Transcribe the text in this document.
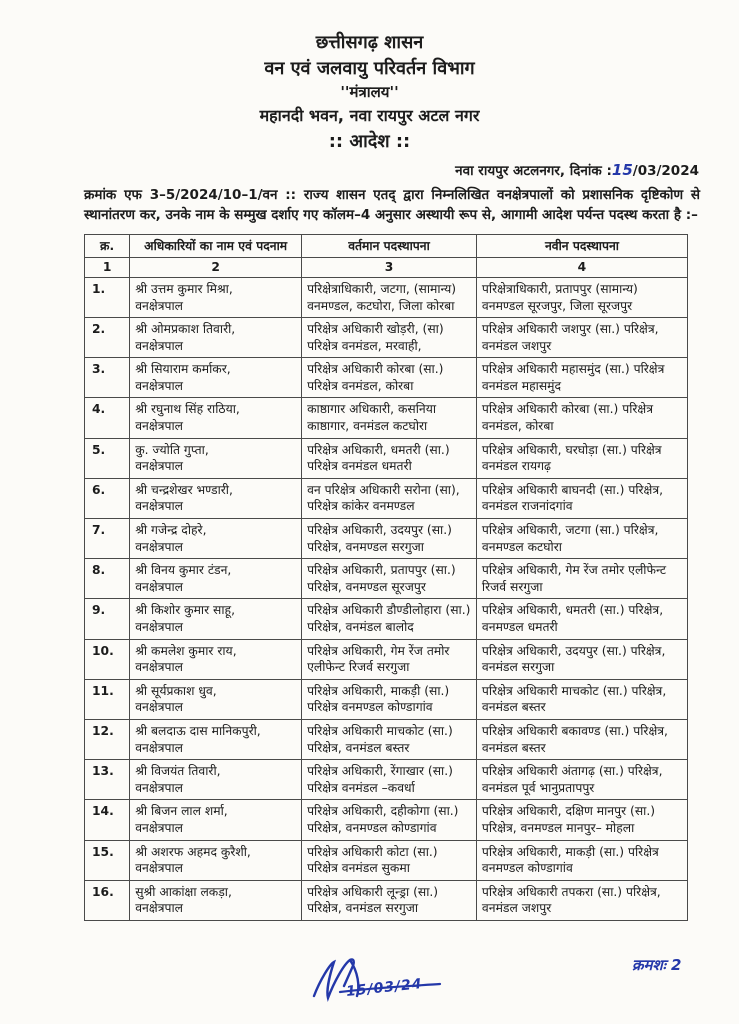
छत्तीसगढ़ शासन
वन एवं जलवायु परिवर्तन विभाग
''मंत्रालय''
महानदी भवन, नवा रायपुर अटल नगर
:: आदेश ::
नवा रायपुर अटलनगर, दिनांक :15/03/2024

क्रमांक एफ 3–5/2024/10–1/वन :: राज्य शासन एतद् द्वारा निम्नलिखित वनक्षेत्रपालों को प्रशासनिक दृष्टिकोण से स्थानांतरण कर, उनके नाम के सम्मुख दर्शाए गए कॉलम–4 अनुसार अस्थायी रूप से, आगामी आदेश पर्यन्त पदस्थ करता है :–

क्र.	अधिकारियों का नाम एवं पदनाम	वर्तमान पदस्थापना	नवीन पदस्थापना
1	2	3	4
1.	श्री उत्तम कुमार मिश्रा,
वनक्षेत्रपाल	परिक्षेत्राधिकारी, जटगा, (सामान्य) वनमण्डल, कटघोरा, जिला कोरबा	परिक्षेत्राधिकारी, प्रतापपुर (सामान्य) वनमण्डल सूरजपुर, जिला सूरजपुर
2.	श्री ओमप्रकाश तिवारी,
वनक्षेत्रपाल	परिक्षेत्र अधिकारी खोड़री, (सा) परिक्षेत्र वनमंडल, मरवाही,	परिक्षेत्र अधिकारी जशपुर (सा.) परिक्षेत्र, वनमंडल जशपुर
3.	श्री सियाराम कर्माकर,
वनक्षेत्रपाल	परिक्षेत्र अधिकारी कोरबा (सा.) परिक्षेत्र वनमंडल, कोरबा	परिक्षेत्र अधिकारी महासमुंद (सा.) परिक्षेत्र वनमंडल महासमुंद
4.	श्री रघुनाथ सिंह राठिया,
वनक्षेत्रपाल	काष्ठागार अधिकारी, कसनिया काष्ठागार, वनमंडल कटघोरा	परिक्षेत्र अधिकारी कोरबा (सा.) परिक्षेत्र वनमंडल, कोरबा
5.	कु. ज्योति गुप्ता,
वनक्षेत्रपाल	परिक्षेत्र अधिकारी, धमतरी (सा.) परिक्षेत्र वनमंडल धमतरी	परिक्षेत्र अधिकारी, घरघोड़ा (सा.) परिक्षेत्र वनमंडल रायगढ़
6.	श्री चन्द्रशेखर भण्डारी,
वनक्षेत्रपाल	वन परिक्षेत्र अधिकारी सरोना (सा), परिक्षेत्र कांकेर वनमण्डल	परिक्षेत्र अधिकारी बाघनदी (सा.) परिक्षेत्र, वनमंडल राजनांदगांव
7.	श्री गजेन्द्र दोहरे,
वनक्षेत्रपाल	परिक्षेत्र अधिकारी, उदयपुर (सा.) परिक्षेत्र, वनमण्डल सरगुजा	परिक्षेत्र अधिकारी, जटगा (सा.) परिक्षेत्र, वनमण्डल कटघोरा
8.	श्री विनय कुमार टंडन,
वनक्षेत्रपाल	परिक्षेत्र अधिकारी, प्रतापपुर (सा.) परिक्षेत्र, वनमण्डल सूरजपुर	परिक्षेत्र अधिकारी, गेम रेंज तमोर एलीफेन्ट रिजर्व सरगुजा
9.	श्री किशोर कुमार साहू,
वनक्षेत्रपाल	परिक्षेत्र अधिकारी डौण्डीलोहारा (सा.) परिक्षेत्र, वनमंडल बालोद	परिक्षेत्र अधिकारी, धमतरी (सा.) परिक्षेत्र, वनमण्डल धमतरी
10.	श्री कमलेश कुमार राय,
वनक्षेत्रपाल	परिक्षेत्र अधिकारी, गेम रेंज तमोर एलीफेन्ट रिजर्व सरगुजा	परिक्षेत्र अधिकारी, उदयपुर (सा.) परिक्षेत्र, वनमंडल सरगुजा
11.	श्री सूर्यप्रकाश धुव,
वनक्षेत्रपाल	परिक्षेत्र अधिकारी, माकड़ी (सा.) परिक्षेत्र वनमण्डल कोण्डागांव	परिक्षेत्र अधिकारी माचकोट (सा.) परिक्षेत्र, वनमंडल बस्तर
12.	श्री बलदाऊ दास मानिकपुरी,
वनक्षेत्रपाल	परिक्षेत्र अधिकारी माचकोट (सा.) परिक्षेत्र, वनमंडल बस्तर	परिक्षेत्र अधिकारी बकावण्ड (सा.) परिक्षेत्र, वनमंडल बस्तर
13.	श्री विजयंत तिवारी,
वनक्षेत्रपाल	परिक्षेत्र अधिकारी, रेंगाखार (सा.) परिक्षेत्र वनमंडल –कवर्धा	परिक्षेत्र अधिकारी अंतागढ़ (सा.) परिक्षेत्र, वनमंडल पूर्व भानुप्रतापपुर
14.	श्री बिजन लाल शर्मा,
वनक्षेत्रपाल	परिक्षेत्र अधिकारी, दहीकोगा (सा.) परिक्षेत्र, वनमण्डल कोण्डागांव	परिक्षेत्र अधिकारी, दक्षिण मानपुर (सा.) परिक्षेत्र, वनमण्डल मानपुर– मोहला
15.	श्री अशरफ अहमद कुरैशी,
वनक्षेत्रपाल	परिक्षेत्र अधिकारी कोटा (सा.) परिक्षेत्र वनमंडल सुकमा	परिक्षेत्र अधिकारी, माकड़ी (सा.) परिक्षेत्र वनमण्डल कोण्डागांव
16.	सुश्री आकांक्षा लकड़ा,
वनक्षेत्रपाल	परिक्षेत्र अधिकारी लून्ड्रा (सा.) परिक्षेत्र, वनमंडल सरगुजा	परिक्षेत्र अधिकारी तपकरा (सा.) परिक्षेत्र, वनमंडल जशपुर
15/03/24
क्रमशः 2
